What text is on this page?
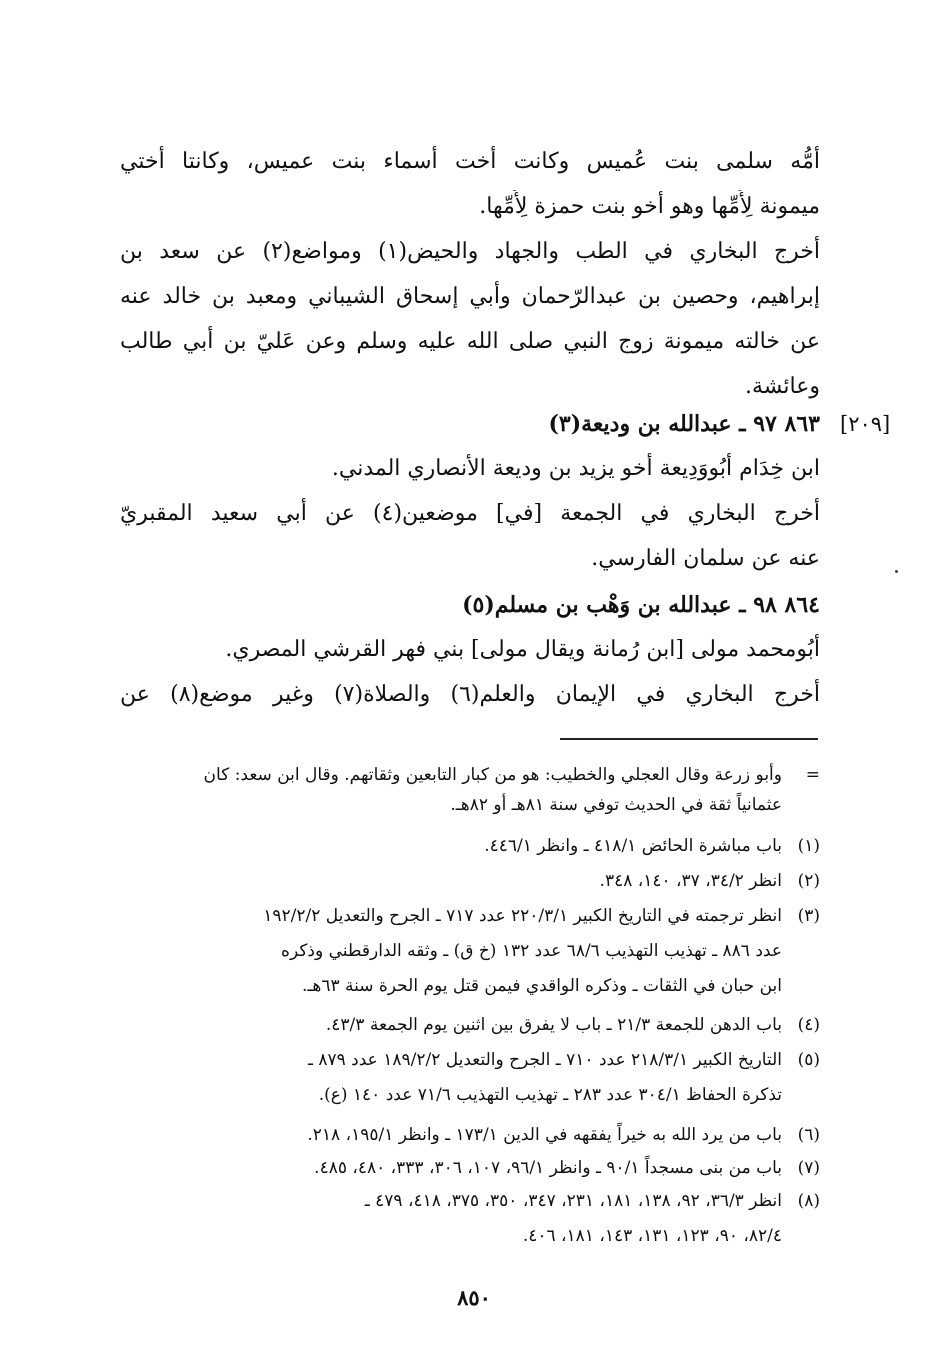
أمُّه سلمى بنت عُميس وكانت أخت أسماء بنت عميس، وكانتا أختي
ميمونة لِأُمِّها وهو أخو بنت حمزة لِأُمِّها.
أخرج البخاري في الطب والجهاد والحيض(١) ومواضع(٢) عن سعد بن
إبراهيم، وحصين بن عبدالرّحمان وأبي إسحاق الشيباني ومعبد بن خالد عنه
عن خالته ميمونة زوج النبي صلى الله عليه وسلم وعن عَليّ بن أبي طالب
وعائشة.
[٢٠٩]
٨٦٣ ٩٧ ـ عبدالله بن وديعة(٣)
ابن خِدَام أبُووَدِيعة أخو يزيد بن وديعة الأنصاري المدني.
أخرج البخاري في الجمعة [في] موضعين(٤) عن أبي سعيد المقبريّ
عنه عن سلمان الفارسي.
٨٦٤ ٩٨ ـ عبدالله بن وَهْب بن مسلم(٥)
أبُومحمد مولى [ابن رُمانة ويقال مولى] بني فهر القرشي المصري.
أخرج البخاري في الإيمان والعلم(٦) والصلاة(٧) وغير موضع(٨) عن
=وأبو زرعة وقال العجلي والخطيب: هو من كبار التابعين وثقاتهم. وقال ابن سعد: كان
عثمانياً ثقة في الحديث توفي سنة ٨١هـ أو ٨٢هـ.
(١)باب مباشرة الحائض ٤١٨/١ ـ وانظر ٤٤٦/١.
(٢)انظر ٣٤/٢، ٣٧، ١٤٠، ٣٤٨.
(٣)انظر ترجمته في التاريخ الكبير ٢٢٠/٣/١ عدد ٧١٧ ـ الجرح والتعديل ١٩٢/٢/٢
عدد ٨٨٦ ـ تهذيب التهذيب ٦٨/٦ عدد ١٣٢ (خ ق) ـ وثقه الدارقطني وذكره
ابن حبان في الثقات ـ وذكره الواقدي فيمن قتل يوم الحرة سنة ٦٣هـ.
(٤)باب الدهن للجمعة ٢١/٣ ـ باب لا يفرق بين اثنين يوم الجمعة ٤٣/٣.
(٥)التاريخ الكبير ٢١٨/٣/١ عدد ٧١٠ ـ الجرح والتعديل ١٨٩/٢/٢ عدد ٨٧٩ ـ
تذكرة الحفاظ ٣٠٤/١ عدد ٢٨٣ ـ تهذيب التهذيب ٧١/٦ عدد ١٤٠ (ع).
(٦)باب من يرد الله به خيراً يفقهه في الدين ١٧٣/١ ـ وانظر ١٩٥/١، ٢١٨.
(٧)باب من بنى مسجداً ٩٠/١ ـ وانظر ٩٦/١، ١٠٧، ٣٠٦، ٣٣٣، ٤٨٠، ٤٨٥.
(٨)انظر ٣٦/٣، ٩٢، ١٣٨، ١٨١، ٢٣١، ٣٤٧، ٣٥٠، ٣٧٥، ٤١٨، ٤٧٩ ـ
٨٢/٤، ٩٠، ١٢٣، ١٣١، ١٤٣، ١٨١، ٤٠٦.
٨٥٠
